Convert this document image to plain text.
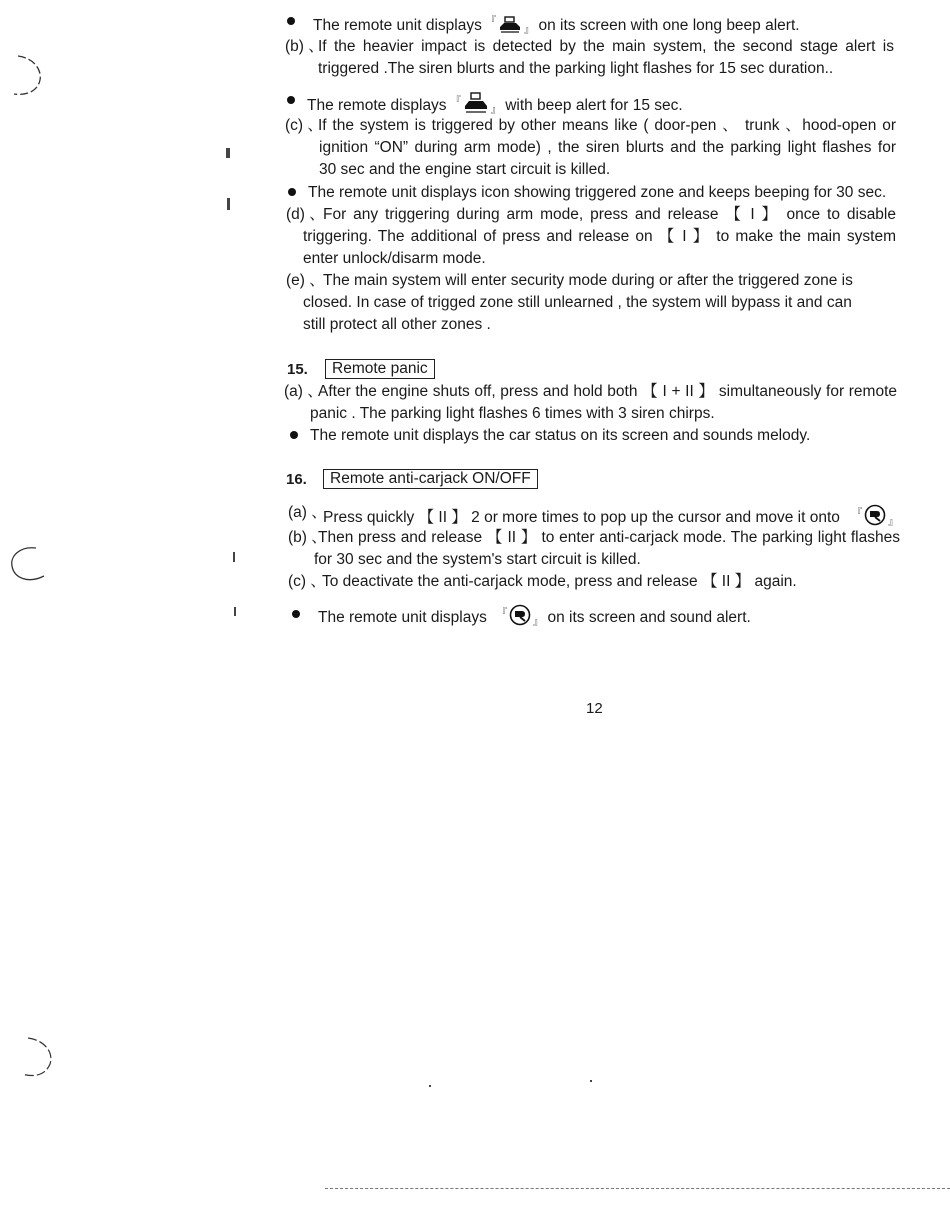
The remote unit displays 『』 on its screen with one long beep alert.
(b) 、
If the heavier impact is detected by the main system, the second stage alert is
triggered .The siren blurts and the parking light flashes for 15 sec duration..
The remote displays 『』 with beep alert for 15 sec.
(c) 、
If the system is triggered by other means like ( door-pen 、 trunk 、hood-open or
ignition “ON” during arm mode) , the siren blurts and the parking light flashes for
30 sec and the engine start circuit is killed.
The remote unit displays icon showing triggered zone and keeps beeping for 30 sec.
(d) 、
For any triggering during arm mode, press and release 【 I 】 once to disable
triggering. The additional of press and release on 【 I 】 to make the main system
enter unlock/disarm mode.
(e) 、
The main system will enter security mode during or after the triggered zone is
closed. In case of trigged zone still unlearned , the system will bypass it and can
still protect all other zones .
15.	Remote panic
(a) 、
After the engine shuts off, press and hold both 【 I + II 】 simultaneously for remote
panic . The parking light flashes 6 times with 3 siren chirps.
The remote unit displays the car status on its screen and sounds melody.
16.	Remote anti-carjack ON/OFF
(a) 、
Press quickly 【 II 】 2 or more times to pop up the cursor and move it onto 『』
(b) 、
Then press and release 【 II 】 to enter anti-carjack mode. The parking light flashes
for 30 sec and the system's start circuit is killed.
(c) 、
To deactivate the anti-carjack mode, press and release 【 II 】 again.
The remote unit displays 『』 on its screen and sound alert.
12
